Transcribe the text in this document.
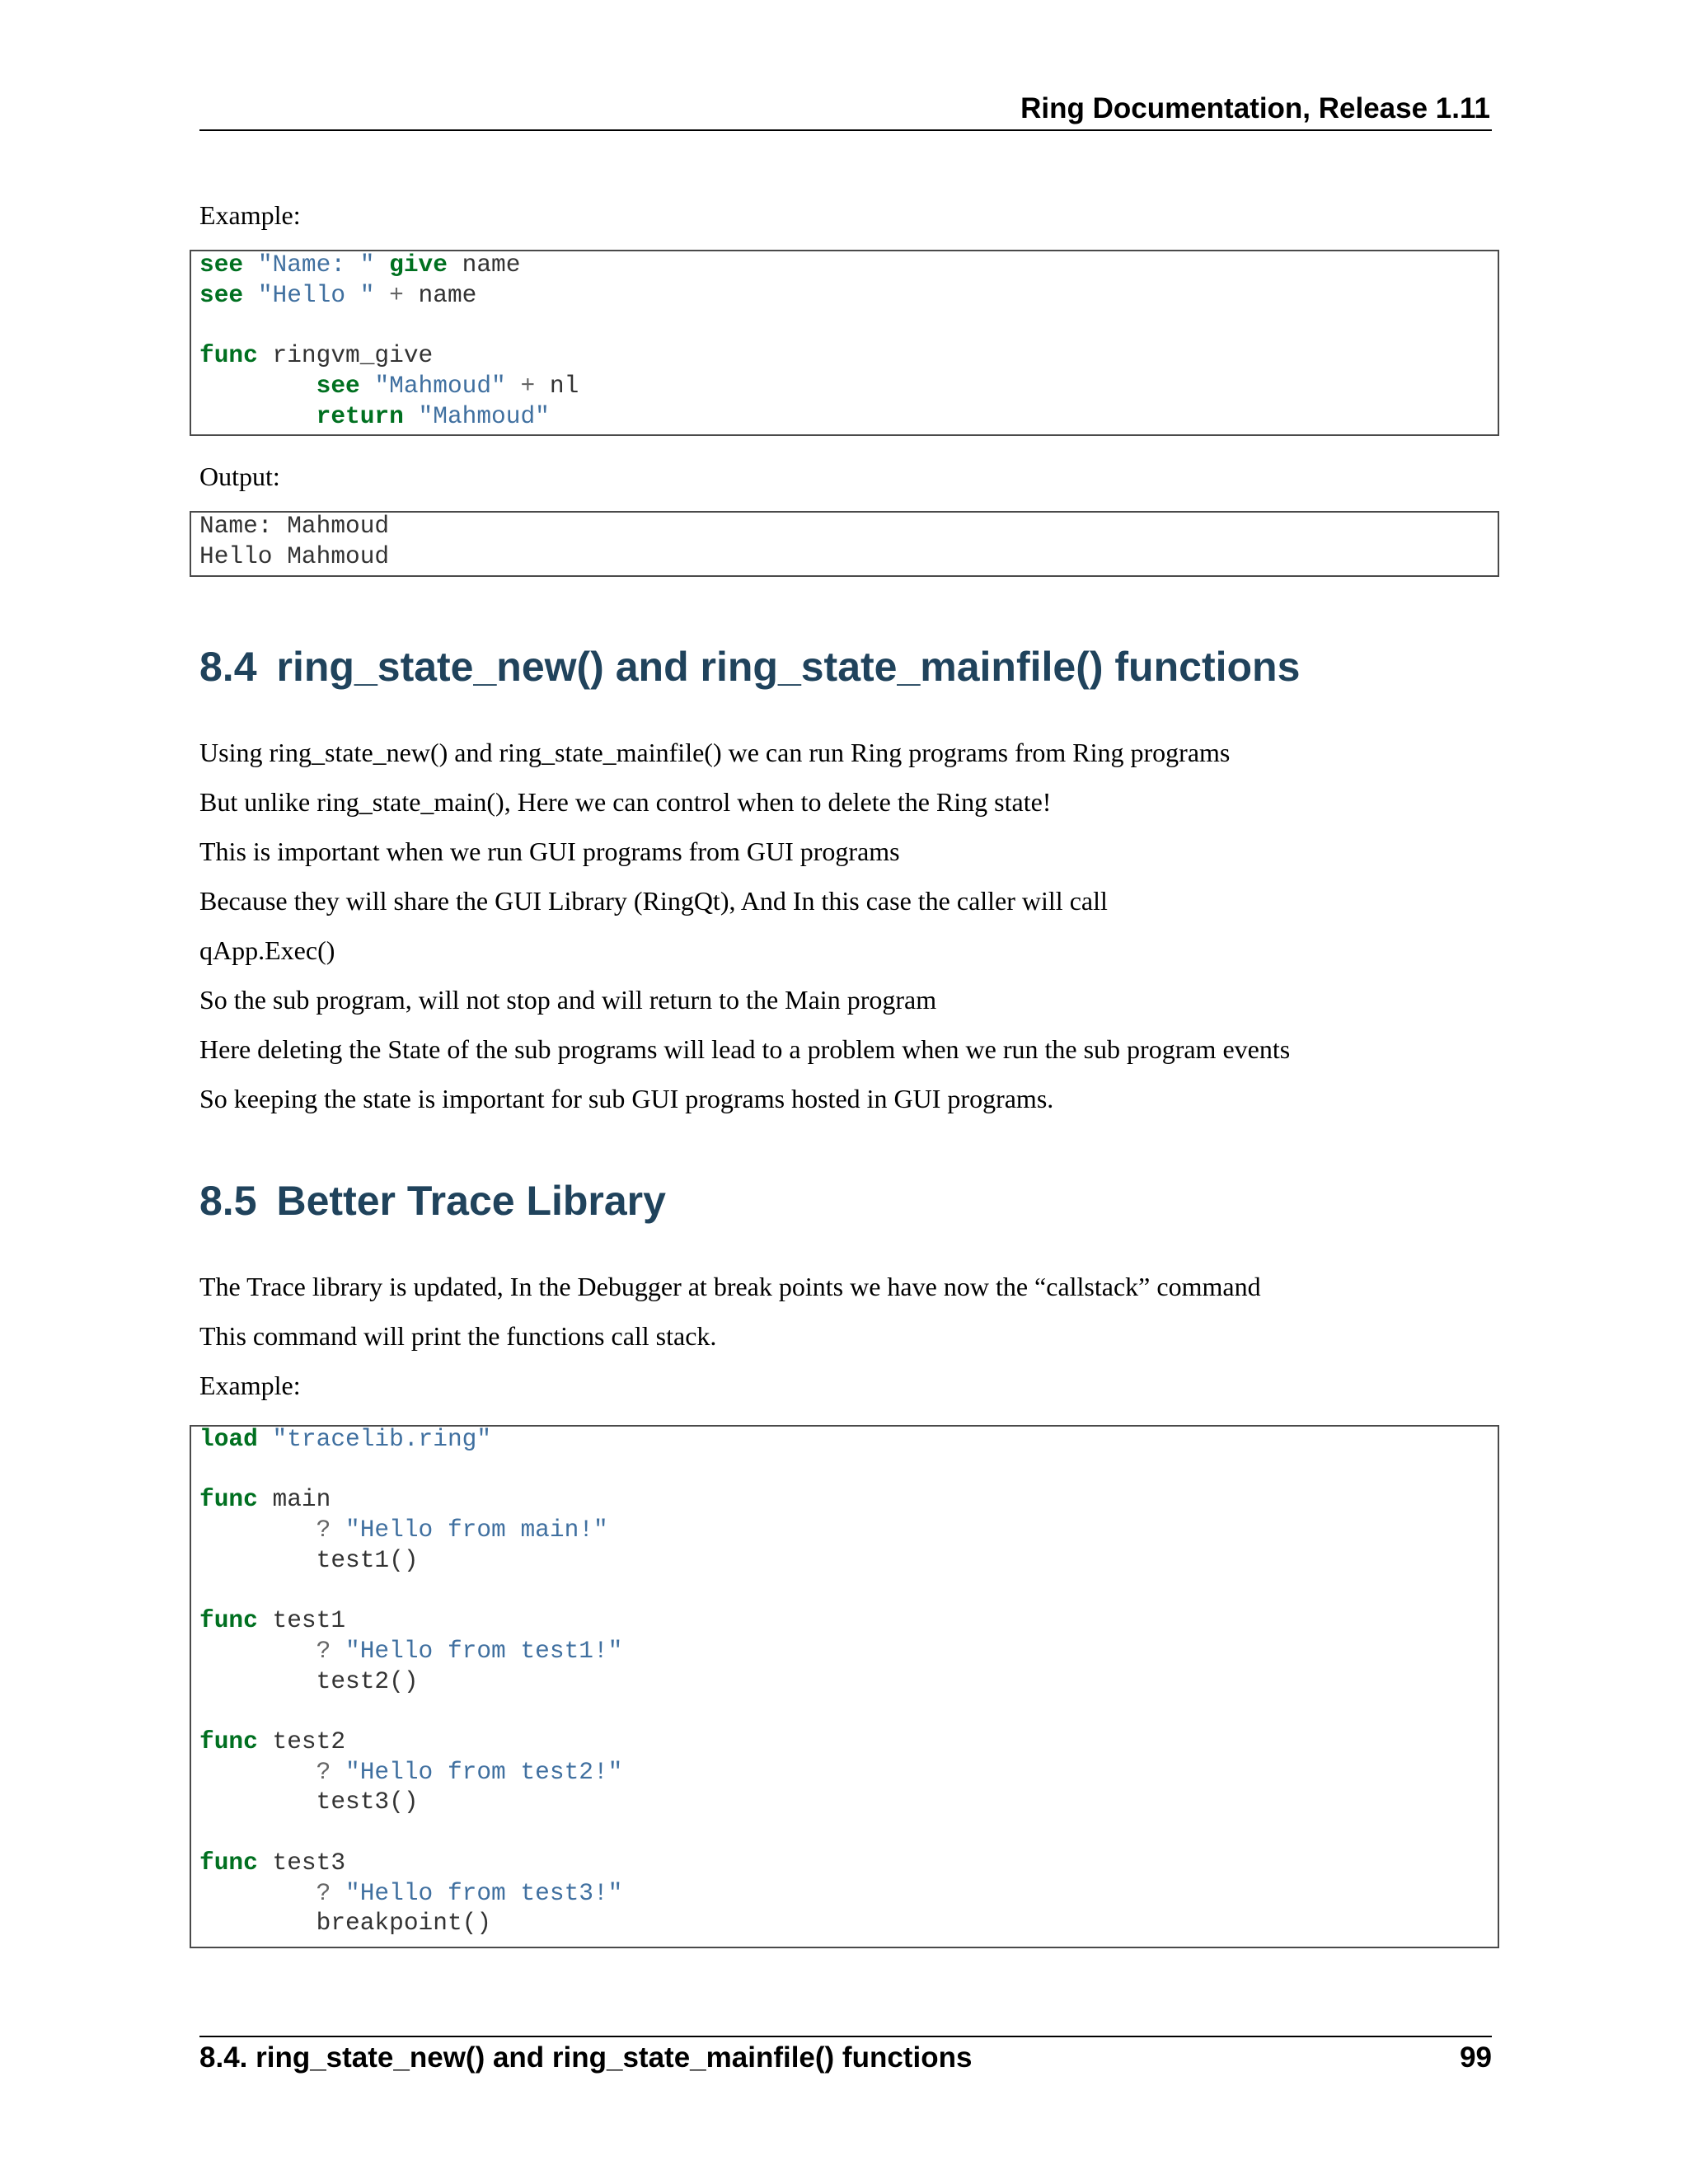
Ring Documentation, Release 1.11
Example:
see "Name: " give name
see "Hello " + name
func ringvm_give
see "Mahmoud" + nl
return "Mahmoud"
Output:
Name: Mahmoud
Hello Mahmoud
8.4 ring_state_new() and ring_state_mainfile() functions
Using ring_state_new() and ring_state_mainfile() we can run Ring programs from Ring programs
But unlike ring_state_main(), Here we can control when to delete the Ring state!
This is important when we run GUI programs from GUI programs
Because they will share the GUI Library (RingQt), And In this case the caller will call
qApp.Exec()
So the sub program, will not stop and will return to the Main program
Here deleting the State of the sub programs will lead to a problem when we run the sub program events
So keeping the state is important for sub GUI programs hosted in GUI programs.
8.5 Better Trace Library
The Trace library is updated, In the Debugger at break points we have now the “callstack” command
This command will print the functions call stack.
Example:
load "tracelib.ring"
func main
? "Hello from main!"
test1()
func test1
? "Hello from test1!"
test2()
func test2
? "Hello from test2!"
test3()
func test3
? "Hello from test3!"
breakpoint()
8.4. ring_state_new() and ring_state_mainfile() functions	99
